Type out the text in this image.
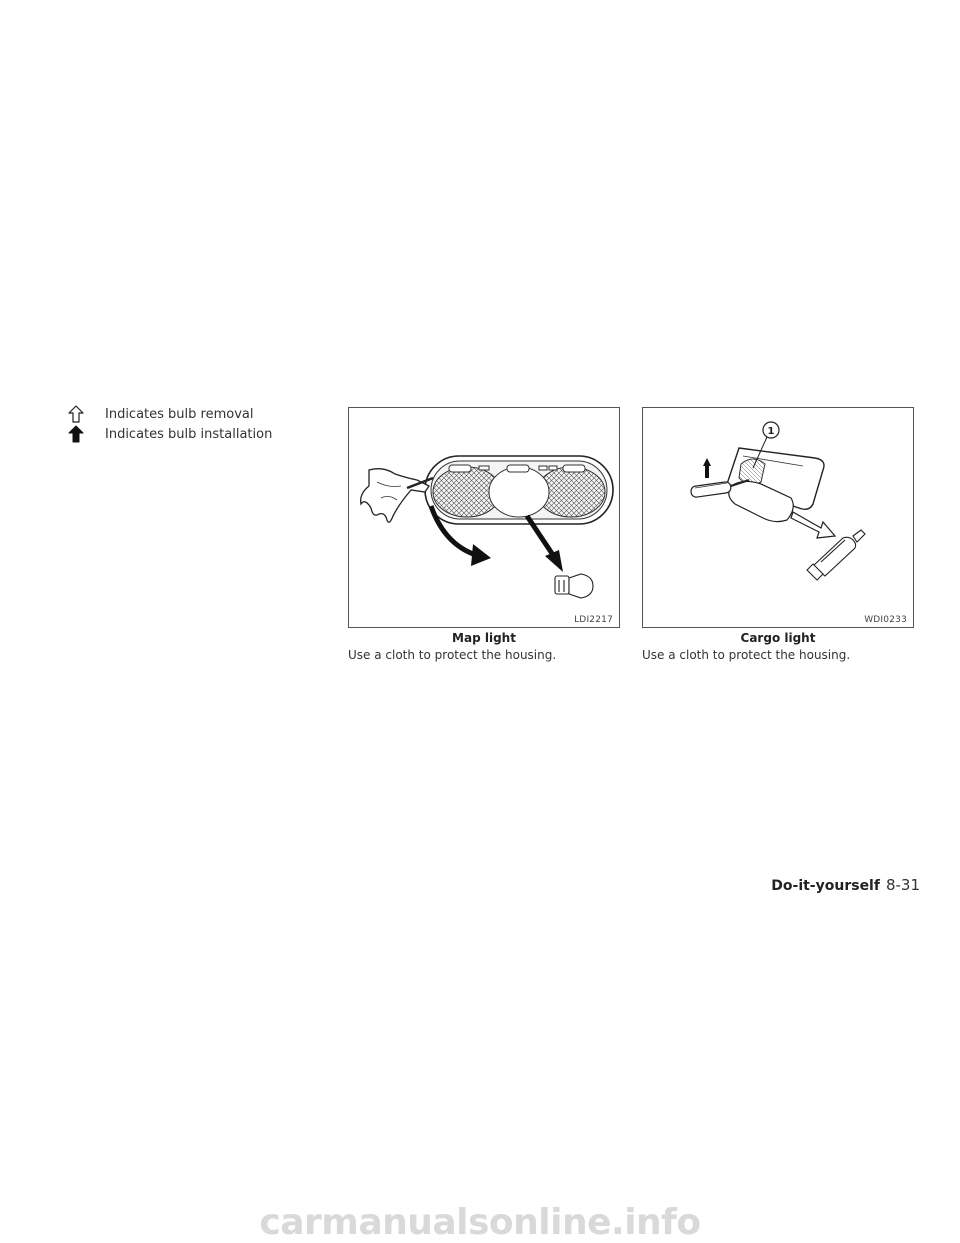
Indicates bulb removal
Indicates bulb installation
LDI2217
Map light
Use a cloth to protect the housing.
1
WDI0233
Cargo light
Use a cloth to protect the housing.
Do-it-yourself 8-31
carmanualsonline.info
